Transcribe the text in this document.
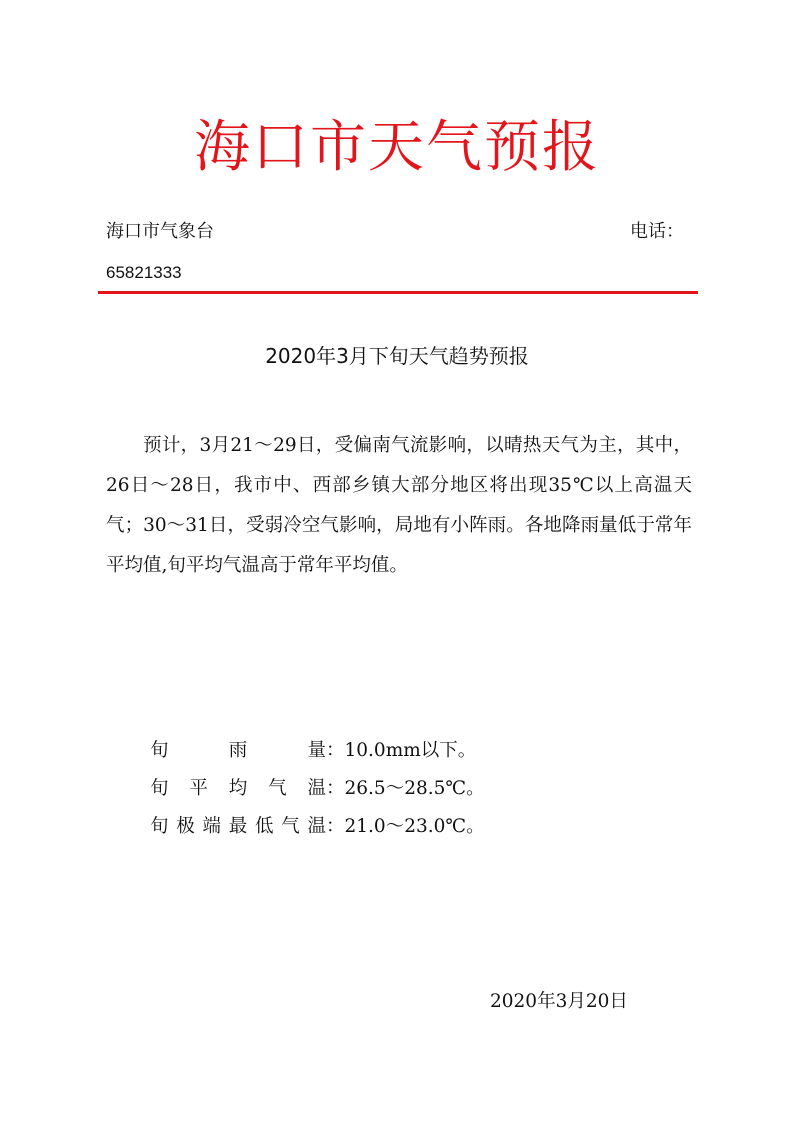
海口市天气预报
海口市气象台	电话：
65821333
2020年3月下旬天气趋势预报

预计，3月21～29日，受偏南气流影响，以晴热天气为主，其中，26日～28日，我市中、西部乡镇大部分地区将出现35℃以上高温天气；30～31日，受弱冷空气影响，局地有小阵雨。各地降雨量低于常年平均值,旬平均气温高于常年平均值。

旬雨量：10.0mm以下。
旬平均气温：26.5～28.5℃。
旬极端最低气温：21.0～23.0℃。
2020年3月20日
